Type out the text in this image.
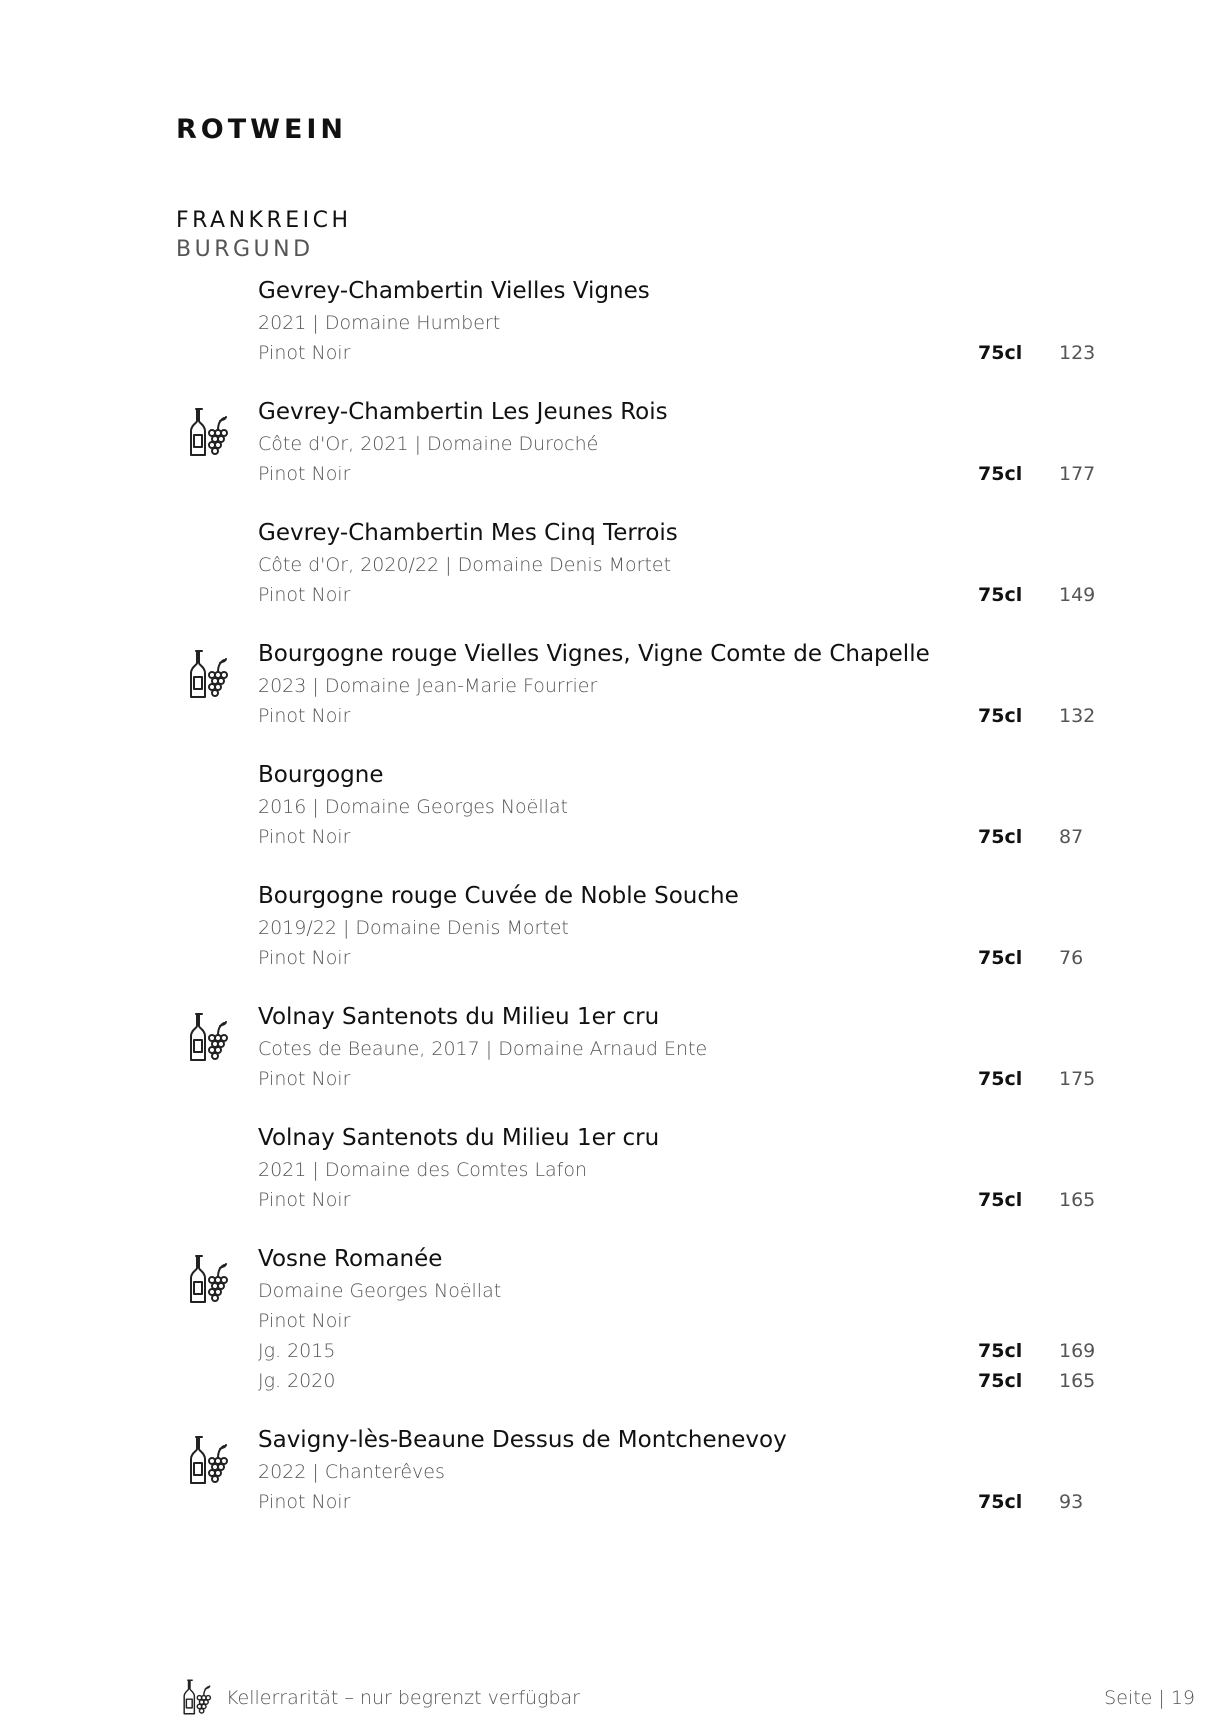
ROTWEIN
FRANKREICH
BURGUND
Gevrey-Chambertin Vielles Vignes
2021 | Domaine Humbert
Pinot Noir	75cl 123
Gevrey-Chambertin Les Jeunes Rois
Côte d'Or, 2021 | Domaine Duroché
Pinot Noir	75cl 177
Gevrey-Chambertin Mes Cinq Terrois
Côte d'Or, 2020/22 | Domaine Denis Mortet
Pinot Noir	75cl 149
Bourgogne rouge Vielles Vignes, Vigne Comte de Chapelle
2023 | Domaine Jean-Marie Fourrier
Pinot Noir	75cl 132
Bourgogne
2016 | Domaine Georges Noëllat
Pinot Noir	75cl 87
Bourgogne rouge Cuvée de Noble Souche
2019/22 | Domaine Denis Mortet
Pinot Noir	75cl 76
Volnay Santenots du Milieu 1er cru
Cotes de Beaune, 2017 | Domaine Arnaud Ente
Pinot Noir	75cl 175
Volnay Santenots du Milieu 1er cru
2021 | Domaine des Comtes Lafon
Pinot Noir	75cl 165
Vosne Romanée
Domaine Georges Noëllat
Pinot Noir
Jg. 2015	75cl 169
Jg. 2020	75cl 165
Savigny-lès-Beaune Dessus de Montchenevoy
2022 | Chanterêves
Pinot Noir	75cl 93
Kellerrarität – nur begrenzt verfügbar	Seite | 19
